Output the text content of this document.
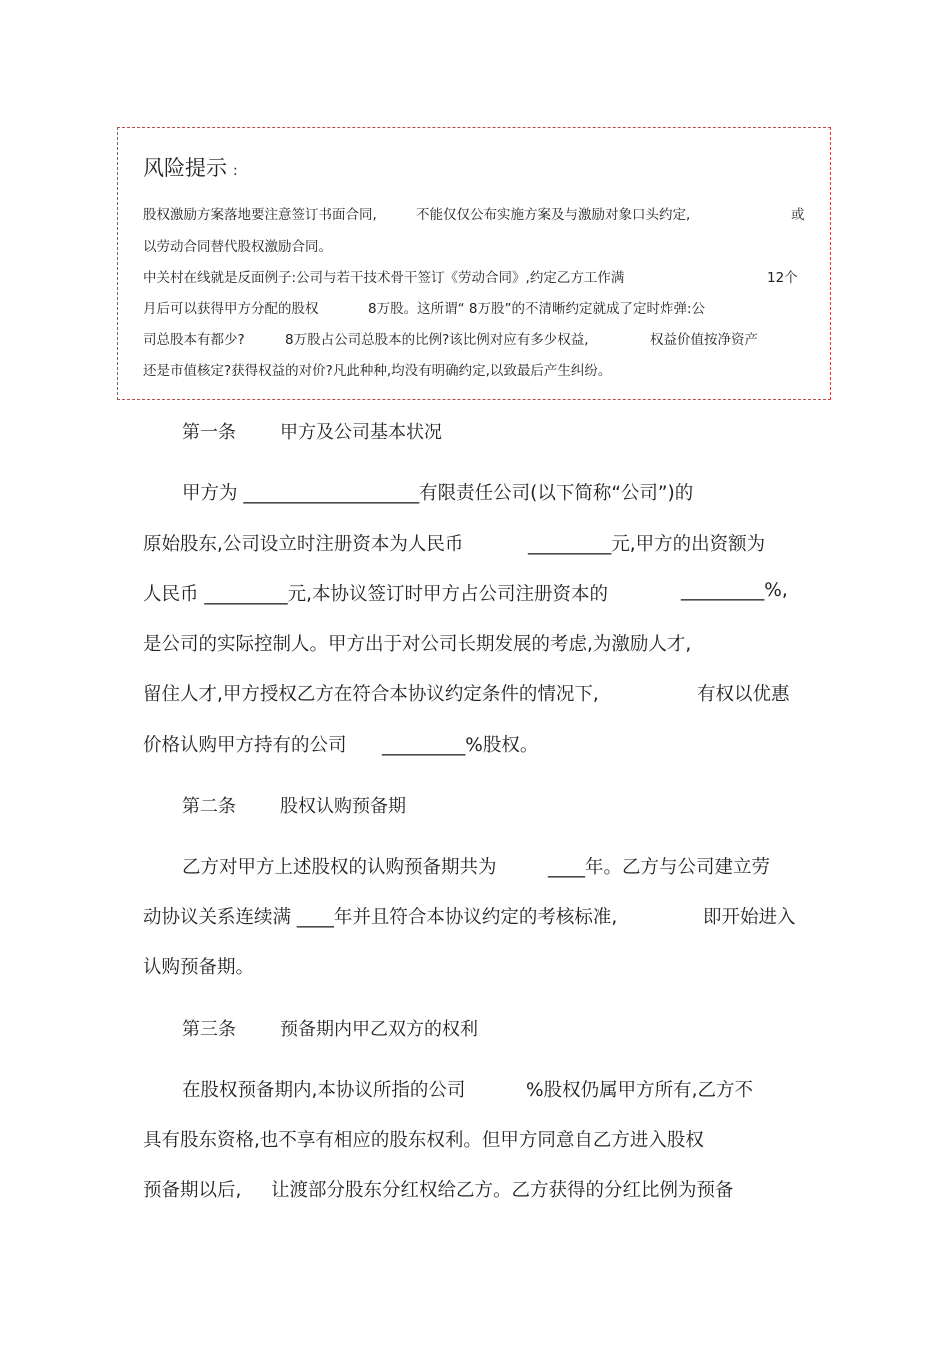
风险提示 :
股权激励方案落地要注意签订书面合同,	不能仅仅公布实施方案及与激励对象口头约定,	或
以劳动合同替代股权激励合同。
中关村在线就是反面例子:公司与若干技术骨干签订《劳动合同》,约定乙方工作满	12个
月后可以获得甲方分配的股权	8万股。这所谓“ 8万股”的不清晰约定就成了定时炸弹:公
司总股本有都少?	8万股占公司总股本的比例?该比例对应有多少权益,	权益价值按净资产
还是市值核定?获得权益的对价?凡此种种,均没有明确约定,以致最后产生纠纷。
第一条 甲方及公司基本状况
甲方为 ___________________有限责任公司(以下简称“公司”)的
原始股东,公司设立时注册资本为人民币	_________元,甲方的出资额为
人民币 _________元,本协议签订时甲方占公司注册资本的	_________%,
是公司的实际控制人。甲方出于对公司长期发展的考虑,为激励人才,
留住人才,甲方授权乙方在符合本协议约定条件的情况下,	有权以优惠
价格认购甲方持有的公司 _________%股权。
第二条 股权认购预备期
乙方对甲方上述股权的认购预备期共为	____年。乙方与公司建立劳
动协议关系连续满 ____年并且符合本协议约定的考核标准,	即开始进入
认购预备期。
第三条 预备期内甲乙双方的权利
在股权预备期内,本协议所指的公司	%股权仍属甲方所有,乙方不
具有股东资格,也不享有相应的股东权利。但甲方同意自乙方进入股权
预备期以后, 让渡部分股东分红权给乙方。乙方获得的分红比例为预备
